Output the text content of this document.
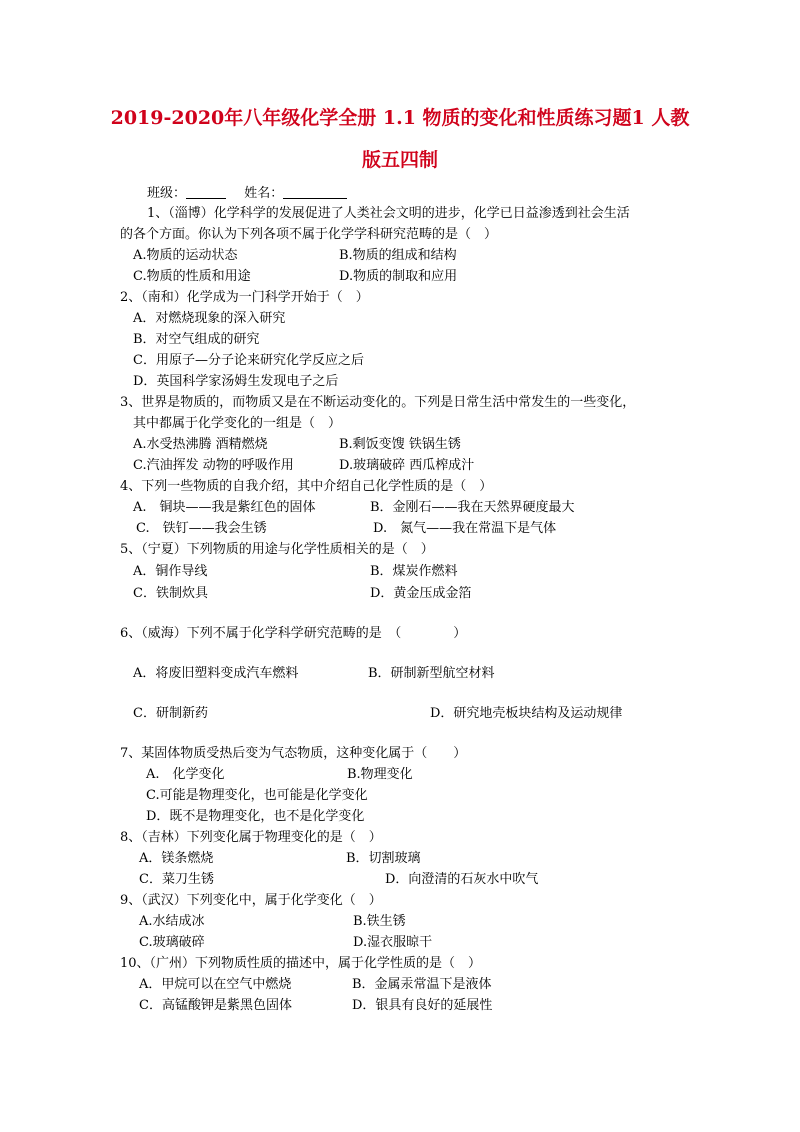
2019-2020年八年级化学全册 1.1 物质的变化和性质练习题1 人教
版五四制
班级：	姓名：
1、（淄博）化学科学的发展促进了人类社会文明的进步，化学已日益渗透到社会生活
的各个方面。你认为下列各项不属于化学学科研究范畴的是（　）
A.物质的运动状态	B.物质的组成和结构
C.物质的性质和用途	D.物质的制取和应用
2、（南和）化学成为一门科学开始于（　）
A．对燃烧现象的深入研究
B．对空气组成的研究
C．用原子—分子论来研究化学反应之后
D．英国科学家汤姆生发现电子之后
3、世界是物质的，而物质又是在不断运动变化的。下列是日常生活中常发生的一些变化，
其中都属于化学变化的一组是（　）
A.水受热沸腾 酒精燃烧	B.剩饭变馊 铁锅生锈
C.汽油挥发 动物的呼吸作用	D.玻璃破碎 西瓜榨成汁
4、下列一些物质的自我介绍，其中介绍自己化学性质的是（　）
A.　铜块——我是紫红色的固体	B．金刚石——我在天然界硬度最大
C.　铁钉——我会生锈	D.　氮气——我在常温下是气体
5、（宁夏）下列物质的用途与化学性质相关的是（　）
A．铜作导线	B．煤炭作燃料
C．铁制炊具	D．黄金压成金箔
6、（威海）下列不属于化学科学研究范畴的是　（　　　　）
A．将废旧塑料变成汽车燃料	B．研制新型航空材料
C．研制新药	D．研究地壳板块结构及运动规律
7、某固体物质受热后变为气态物质，这种变化属于（　　）
A.　化学变化	B.物理变化
C.可能是物理变化，也可能是化学变化
D．既不是物理变化，也不是化学变化
8、（吉林）下列变化属于物理变化的是（　）
A．镁条燃烧	B．切割玻璃
C．菜刀生锈	D．向澄清的石灰水中吹气
9、（武汉）下列变化中，属于化学变化（　）
A.水结成冰	B.铁生锈
C.玻璃破碎	D.湿衣服晾干
10、（广州）下列物质性质的描述中，属于化学性质的是（　）
A．甲烷可以在空气中燃烧	B．金属汞常温下是液体
C．高锰酸钾是紫黑色固体	D．银具有良好的延展性
